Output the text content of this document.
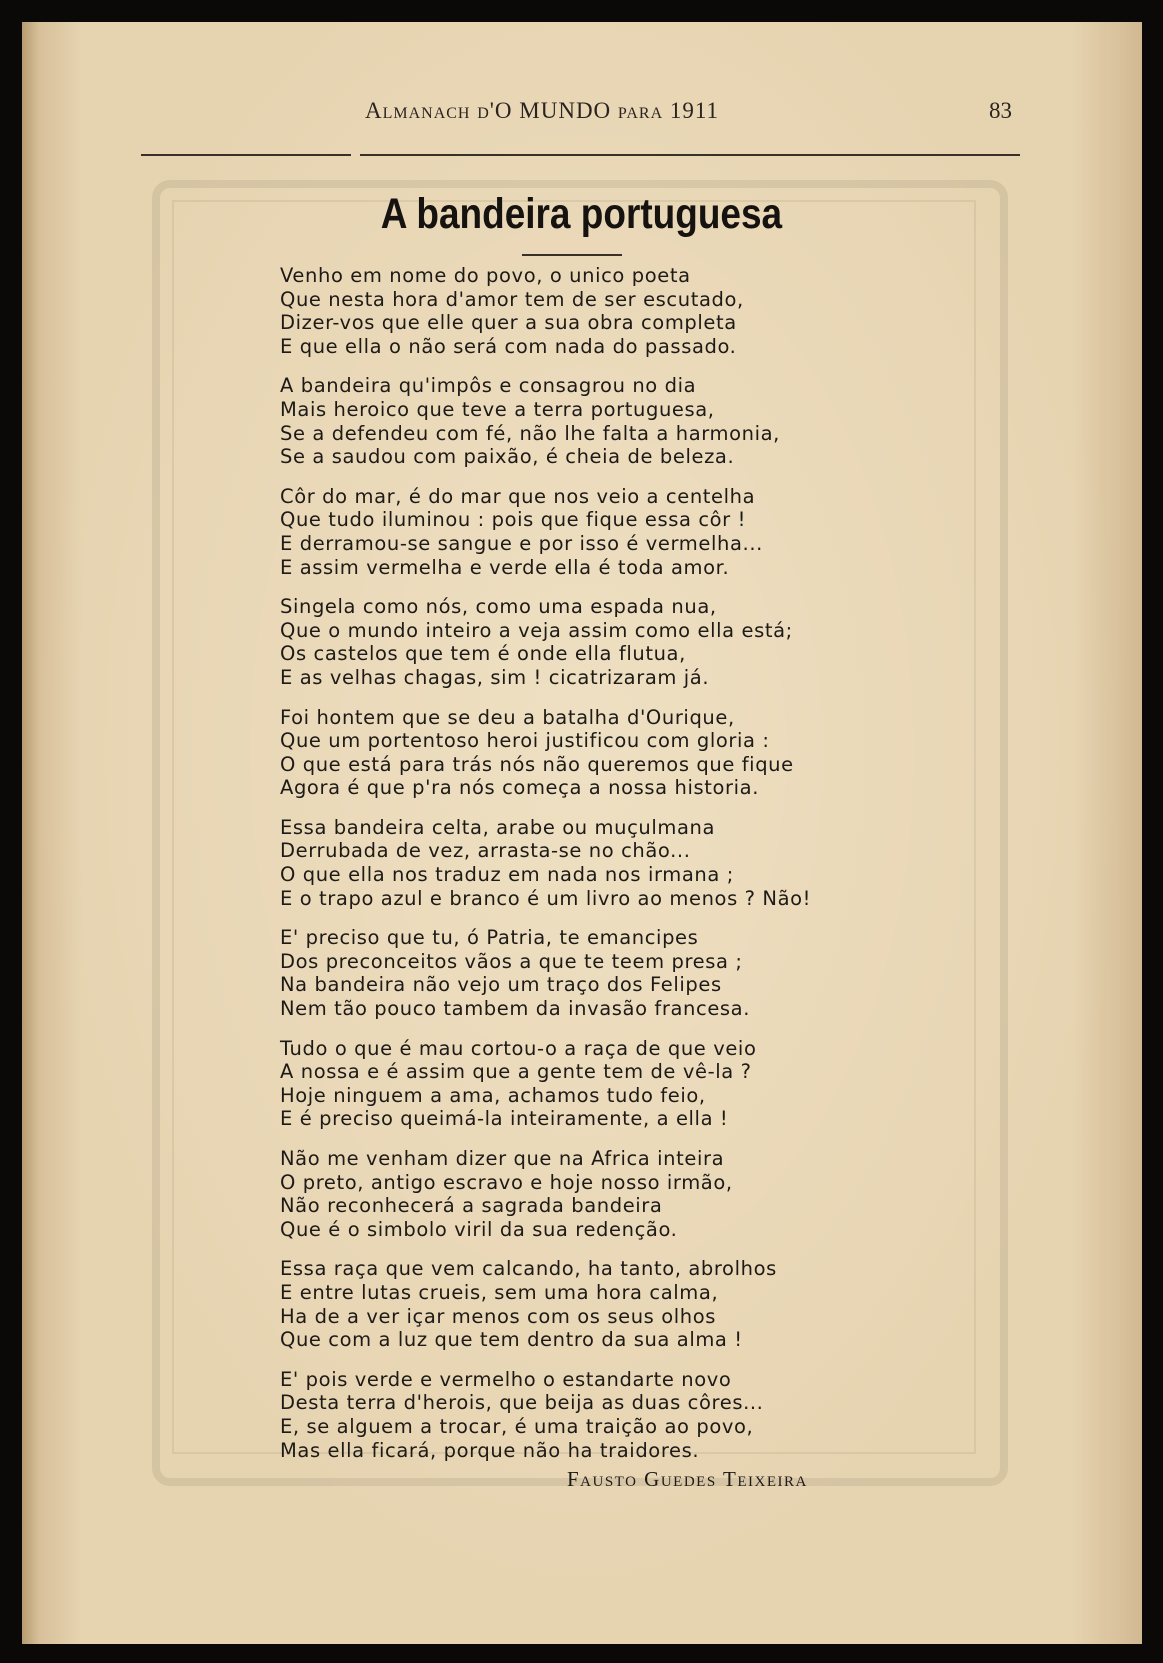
Almanach d'O MUNDO para 1911	83
A bandeira portuguesa
Venho em nome do povo, o unico poeta
Que nesta hora d'amor tem de ser escutado,
Dizer-vos que elle quer a sua obra completa
E que ella o não será com nada do passado.
A bandeira qu'impôs e consagrou no dia
Mais heroico que teve a terra portuguesa,
Se a defendeu com fé, não lhe falta a harmonia,
Se a saudou com paixão, é cheia de beleza.
Côr do mar, é do mar que nos veio a centelha
Que tudo iluminou : pois que fique essa côr !
E derramou-se sangue e por isso é vermelha...
E assim vermelha e verde ella é toda amor.
Singela como nós, como uma espada nua,
Que o mundo inteiro a veja assim como ella está;
Os castelos que tem é onde ella flutua,
E as velhas chagas, sim ! cicatrizaram já.
Foi hontem que se deu a batalha d'Ourique,
Que um portentoso heroi justificou com gloria :
O que está para trás nós não queremos que fique
Agora é que p'ra nós começa a nossa historia.
Essa bandeira celta, arabe ou muçulmana
Derrubada de vez, arrasta-se no chão...
O que ella nos traduz em nada nos irmana ;
E o trapo azul e branco é um livro ao menos ? Não!
E' preciso que tu, ó Patria, te emancipes
Dos preconceitos vãos a que te teem presa ;
Na bandeira não vejo um traço dos Felipes
Nem tão pouco tambem da invasão francesa.
Tudo o que é mau cortou-o a raça de que veio
A nossa e é assim que a gente tem de vê-la ?
Hoje ninguem a ama, achamos tudo feio,
E é preciso queimá-la inteiramente, a ella !
Não me venham dizer que na Africa inteira
O preto, antigo escravo e hoje nosso irmão,
Não reconhecerá a sagrada bandeira
Que é o simbolo viril da sua redenção.
Essa raça que vem calcando, ha tanto, abrolhos
E entre lutas crueis, sem uma hora calma,
Ha de a ver içar menos com os seus olhos
Que com a luz que tem dentro da sua alma !
E' pois verde e vermelho o estandarte novo
Desta terra d'herois, que beija as duas côres...
E, se alguem a trocar, é uma traição ao povo,
Mas ella ficará, porque não ha traidores.
Fausto Guedes Teixeira
